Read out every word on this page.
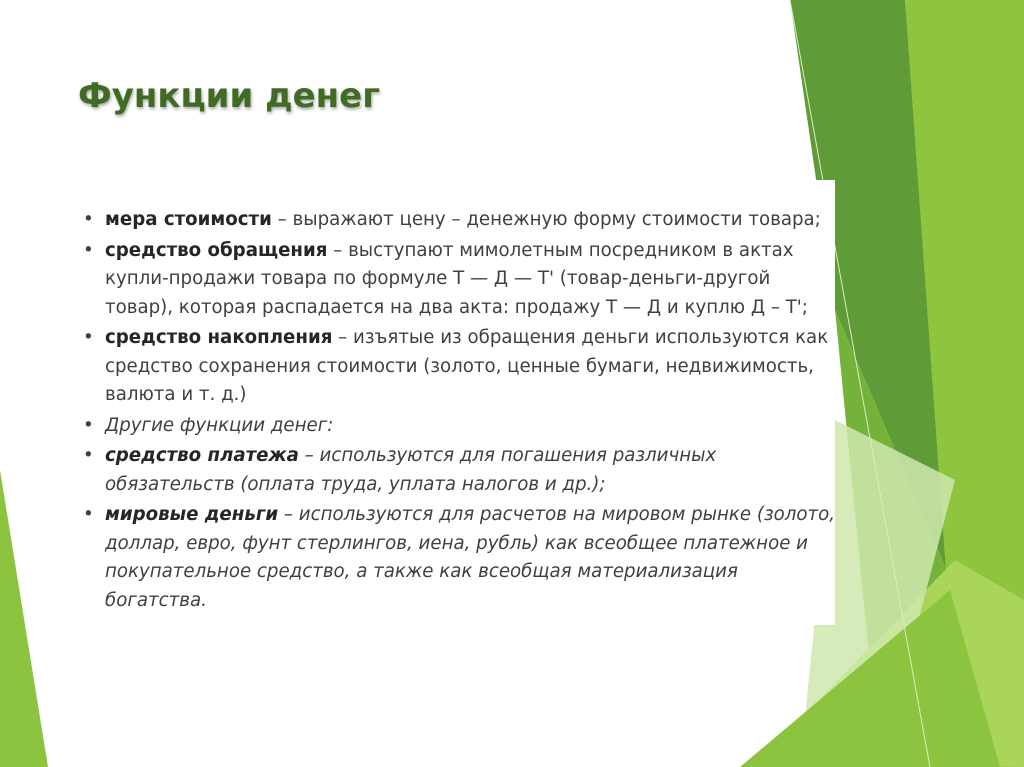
Функции денег
• мера стоимости – выражают цену – денежную форму стоимости товара;
• средство обращения – выступают мимолетным посредником в актах купли-продажи товара по формуле Т — Д — Т' (товар-деньги-другой товар), которая распадается на два акта: продажу Т — Д и куплю Д – Т';
• средство накопления – изъятые из обращения деньги используются как средство сохранения стоимости (золото, ценные бумаги, недвижимость, валюта и т. д.)
• Другие функции денег:
• средство платежа – используются для погашения различных обязательств (оплата труда, уплата налогов и др.);
• мировые деньги – используются для расчетов на мировом рынке (золото, доллар, евро, фунт стерлингов, иена, рубль) как всеобщее платежное и покупательное средство, а также как всеобщая материализация богатства.
